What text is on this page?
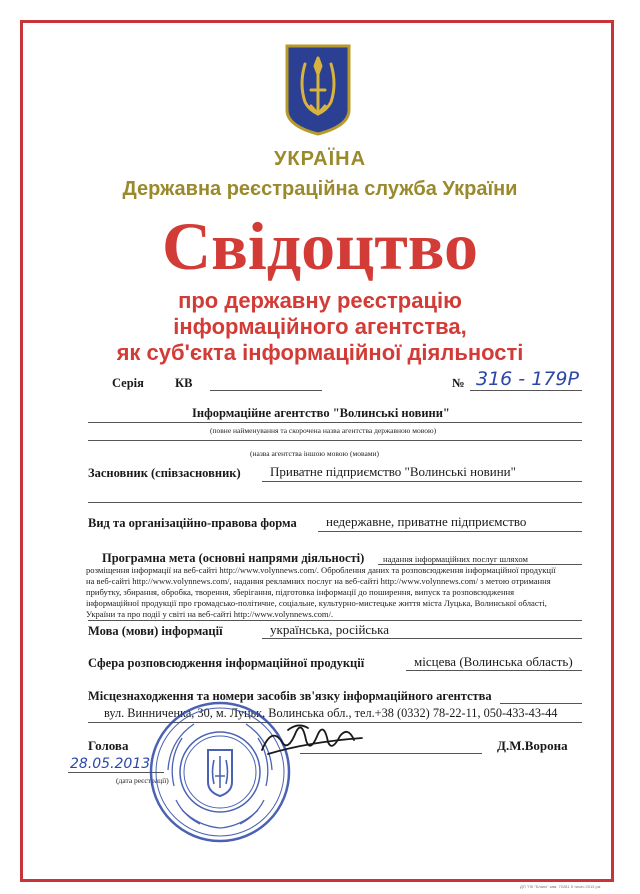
УКРАЇНА
Державна реєстраційна служба України
Свідоцтво
про державну реєстрацію
інформаційного агентства,
як суб'єкта інформаційної діяльності
Серія КВ	№ 316 - 179Р
Інформаційне агентство "Волинські новини"
(повне найменування та скорочена назва агентства державною мовою)
(назва агентства іншою мовою (мовами)
Засновник (співзасновник) Приватне підприємство "Волинські новини"
Вид та організаційно-правова форма недержавне, приватне підприємство
Програмна мета (основні напрями діяльності) надання інформаційних послуг шляхом
розміщення інформації на веб-сайті http://www.volynnews.com/. Оброблення даних та розповсюдження інформаційної продукції
на веб-сайті http://www.volynnews.com/, надання рекламних послуг на веб-сайті http://www.volynnews.com/ з метою отримання
прибутку, збирання, обробка, творення, зберігання, підготовка інформації до поширення, випуск та розповсюдження
інформаційної продукції про громадсько-політичне, соціальне, культурно-мистецьке життя міста Луцька, Волинської області,
України та про події у світі на веб-сайті http://www.volynnews.com/.
Мова (мови) інформації	українська, російська
Сфера розповсюдження інформаційної продукції	місцева (Волинська область)
Місцезнаходження та номери засобів зв'язку інформаційного агентства
вул. Винниченка, 30, м. Луцьк, Волинська обл., тел.+38 (0332) 78-22-11, 050-433-43-44
Голова	Д.М.Ворона
28.05.2013
(дата реєстрації)
ДП "ПК "Бланк" зам. 70281 5 тисяч 2013 рік
